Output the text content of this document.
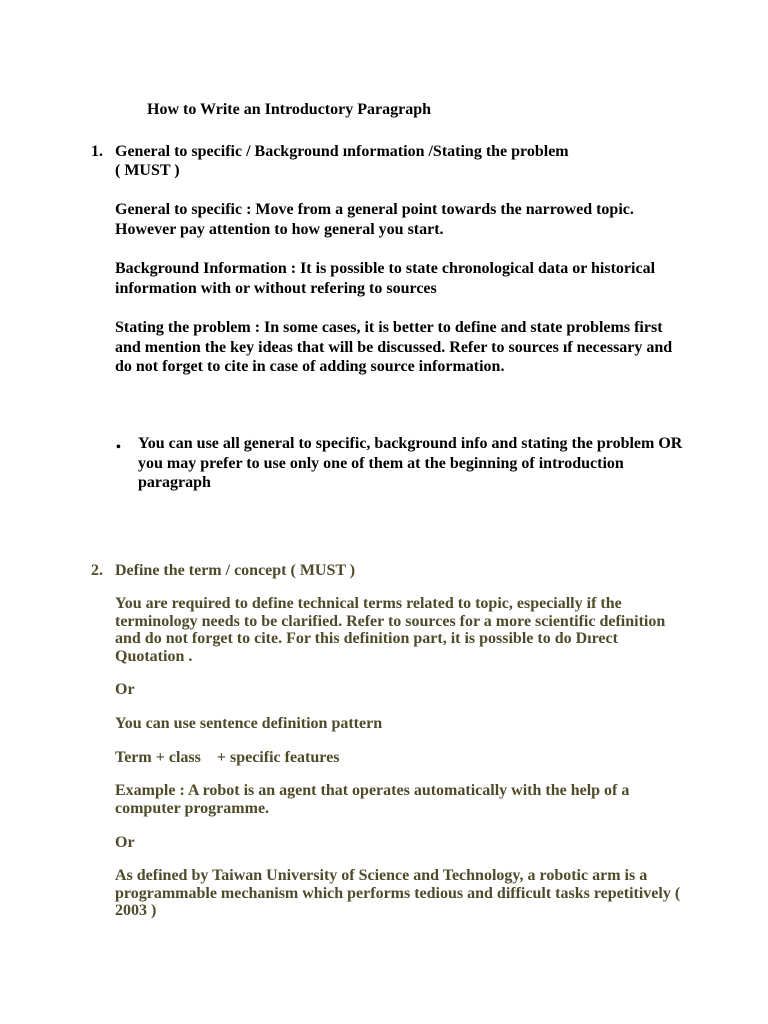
How to Write an Introductory Paragraph
1. General to specific / Background ınformation /Stating the problem
( MUST )
General to specific : Move from a general point towards the narrowed topic. However pay attention to how general you start.
Background Information : It is possible to state chronological data or historical information with or without refering to sources
Stating the problem : In some cases, it is better to define and state problems first and mention the key ideas that will be discussed. Refer to sources ıf necessary and do not forget to cite in case of adding source information.
• You can use all general to specific, background info and stating the problem OR you may prefer to use only one of them at the beginning of introduction paragraph
2. Define the term / concept ( MUST )
You are required to define technical terms related to topic, especially if the terminology needs to be clarified. Refer to sources for a more scientific definition and do not forget to cite. For this definition part, it is possible to do Dırect Quotation .
Or
You can use sentence definition pattern
Term + class    + specific features
Example : A robot is an agent that operates automatically with the help of a computer programme.
Or
As defined by Taiwan University of Science and Technology, a robotic arm is a programmable mechanism which performs tedious and difficult tasks repetitively ( 2003 )
